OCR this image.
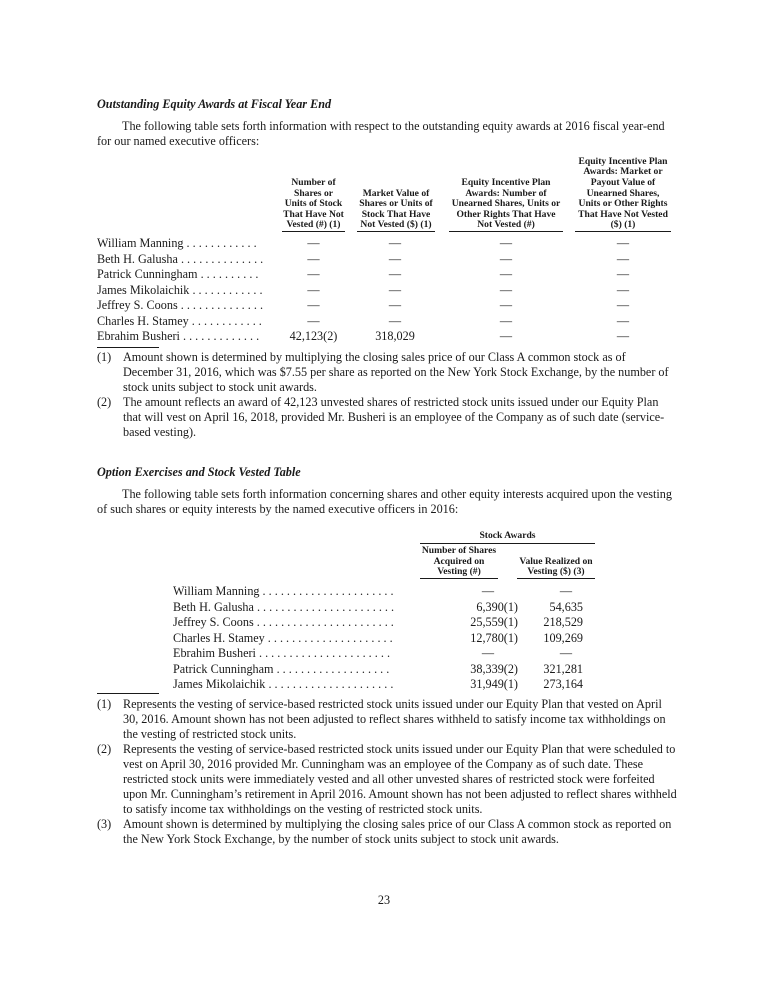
Outstanding Equity Awards at Fiscal Year End
The following table sets forth information with respect to the outstanding equity awards at 2016 fiscal year-end for our named executive officers:
Number of Shares or Units of Stock That Have Not Vested (#) (1)
Market Value of Shares or Units of Stock That Have Not Vested ($) (1)
Equity Incentive Plan Awards: Number of Unearned Shares, Units or Other Rights That Have Not Vested (#)
Equity Incentive Plan Awards: Market or Payout Value of Unearned Shares, Units or Other Rights That Have Not Vested ($) (1)
William Manning . . . . . . . . . . . .	—	—	—	—
Beth H. Galusha . . . . . . . . . . . . . .	—	—	—	—
Patrick Cunningham . . . . . . . . . .	—	—	—	—
James Mikolaichik . . . . . . . . . . . .	—	—	—	—
Jeffrey S. Coons . . . . . . . . . . . . . .	—	—	—	—
Charles H. Stamey . . . . . . . . . . . .	—	—	—	—
Ebrahim Busheri . . . . . . . . . . . . .	42,123(2)	318,029	—	—
(1) Amount shown is determined by multiplying the closing sales price of our Class A common stock as of December 31, 2016, which was $7.55 per share as reported on the New York Stock Exchange, by the number of stock units subject to stock unit awards.
(2) The amount reflects an award of 42,123 unvested shares of restricted stock units issued under our Equity Plan that will vest on April 16, 2018, provided Mr. Busheri is an employee of the Company as of such date (service-based vesting).
Option Exercises and Stock Vested Table
The following table sets forth information concerning shares and other equity interests acquired upon the vesting of such shares or equity interests by the named executive officers in 2016:
Stock Awards
Number of Shares Acquired on Vesting (#)
Value Realized on Vesting ($) (3)
William Manning . . . . . . . . . . . . . . . . . . . . . .	—	—
Beth H. Galusha . . . . . . . . . . . . . . . . . . . . . . .	6,390(1)	54,635
Jeffrey S. Coons . . . . . . . . . . . . . . . . . . . . . . .	25,559(1)	218,529
Charles H. Stamey . . . . . . . . . . . . . . . . . . . . .	12,780(1)	109,269
Ebrahim Busheri . . . . . . . . . . . . . . . . . . . . . .	—	—
Patrick Cunningham . . . . . . . . . . . . . . . . . . .	38,339(2)	321,281
James Mikolaichik . . . . . . . . . . . . . . . . . . . . .	31,949(1)	273,164
(1) Represents the vesting of service-based restricted stock units issued under our Equity Plan that vested on April 30, 2016. Amount shown has not been adjusted to reflect shares withheld to satisfy income tax withholdings on the vesting of restricted stock units.
(2) Represents the vesting of service-based restricted stock units issued under our Equity Plan that were scheduled to vest on April 30, 2016 provided Mr. Cunningham was an employee of the Company as of such date. These restricted stock units were immediately vested and all other unvested shares of restricted stock were forfeited upon Mr. Cunningham’s retirement in April 2016. Amount shown has not been adjusted to reflect shares withheld to satisfy income tax withholdings on the vesting of restricted stock units.
(3) Amount shown is determined by multiplying the closing sales price of our Class A common stock as reported on the New York Stock Exchange, by the number of stock units subject to stock unit awards.
23
